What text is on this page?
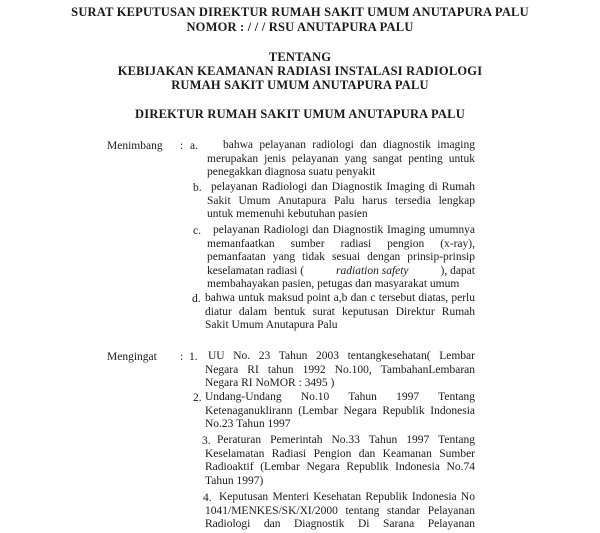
SURAT KEPUTUSAN DIREKTUR RUMAH SAKIT UMUM ANUTAPURA PALU
NOMOR : / / / RSU ANUTAPURA PALU
TENTANG
KEBIJAKAN KEAMANAN RADIASI INSTALASI RADIOLOGI
RUMAH SAKIT UMUM ANUTAPURA PALU
DIREKTUR RUMAH SAKIT UMUM ANUTAPURA PALU
Menimbang : a.	bahwa pelayanan radiologi dan diagnostik imaging
merupakan jenis pelayanan yang sangat penting untuk
penegakkan diagnosa suatu penyakit
b. pelayanan Radiologi dan Diagnostik Imaging di Rumah
Sakit Umum Anutapura Palu harus tersedia lengkap
untuk memenuhi kebutuhan pasien
c.	pelayanan Radiologi dan Diagnostik Imaging umumnya
memanfaatkan sumber radiasi pengion (x-ray),
pemanfaatan yang tidak sesuai dengan prinsip-prinsip
keselamatan radiasi (	radiation safety	), dapat
membahayakan pasien, petugas dan masyarakat umum
d. bahwa untuk maksud point a,b dan c tersebut diatas, perlu
diatur dalam bentuk surat keputusan Direktur Rumah
Sakit Umum Anutapura Palu
Mengingat : 1. UU No. 23 Tahun 2003 tentangkesehatan( Lembar
Negara RI tahun 1992 No.100, TambahanLembaran
Negara RI NoMOR : 3495 )
2. Undang-Undang No.10 Tahun 1997 Tentang
Ketenaganuklirann (Lembar Negara Republik Indonesia
No.23 Tahun 1997
3. Peraturan Pemerintah No.33 Tahun 1997 Tentang
Keselamatan Radiasi Pengion dan Keamanan Sumber
Radioaktif (Lembar Negara Republik Indonesia No.74
Tahun 1997)
4. Keputusan Menteri Kesehatan Republik Indonesia No
1041/MENKES/SK/XI/2000 tentang standar Pelayanan
Radiologi dan Diagnostik Di Sarana Pelayanan
